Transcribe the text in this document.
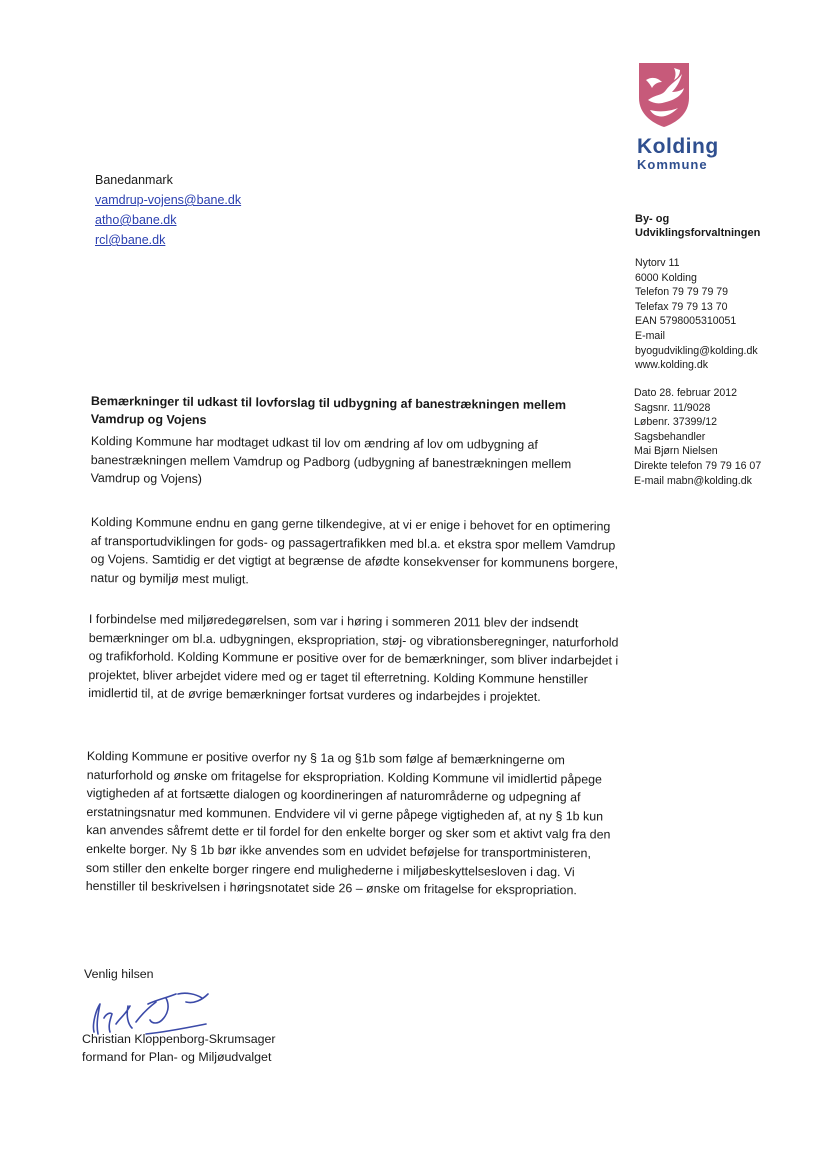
Kolding
Kommune
Banedanmark
vamdrup-vojens@bane.dk
atho@bane.dk
rcl@bane.dk
By- og
Udviklingsforvaltningen
Nytorv 11
6000 Kolding
Telefon 79 79 79 79
Telefax 79 79 13 70
EAN 5798005310051
E-mail
byogudvikling@kolding.dk
www.kolding.dk
Dato 28. februar 2012
Sagsnr. 11/9028
Løbenr. 37399/12
Sagsbehandler
Mai Bjørn Nielsen
Direkte telefon 79 79 16 07
E-mail mabn@kolding.dk
Bemærkninger til udkast til lovforslag til udbygning af banestrækningen mellem Vamdrup og Vojens
Kolding Kommune har modtaget udkast til lov om ændring af lov om udbygning af banestrækningen mellem Vamdrup og Padborg (udbygning af banestrækningen mellem Vamdrup og Vojens)
Kolding Kommune endnu en gang gerne tilkendegive, at vi er enige i behovet for en optimering af transportudviklingen for gods- og passagertrafikken med bl.a. et ekstra spor mellem Vamdrup og Vojens. Samtidig er det vigtigt at begrænse de afødte konsekvenser for kommunens borgere, natur og bymiljø mest muligt.
I forbindelse med miljøredegørelsen, som var i høring i sommeren 2011 blev der indsendt bemærkninger om bl.a. udbygningen, ekspropriation, støj- og vibrationsberegninger, naturforhold og trafikforhold. Kolding Kommune er positive over for de bemærkninger, som bliver indarbejdet i projektet, bliver arbejdet videre med og er taget til efterretning. Kolding Kommune henstiller imidlertid til, at de øvrige bemærkninger fortsat vurderes og indarbejdes i projektet.
Kolding Kommune er positive overfor ny § 1a og §1b som følge af bemærkningerne om naturforhold og ønske om fritagelse for ekspropriation. Kolding Kommune vil imidlertid påpege vigtigheden af at fortsætte dialogen og koordineringen af naturområderne og udpegning af erstatningsnatur med kommunen. Endvidere vil vi gerne påpege vigtigheden af, at ny § 1b kun kan anvendes såfremt dette er til fordel for den enkelte borger og sker som et aktivt valg fra den enkelte borger. Ny § 1b bør ikke anvendes som en udvidet beføjelse for transportministeren, som stiller den enkelte borger ringere end mulighederne i miljøbeskyttelsesloven i dag. Vi henstiller til beskrivelsen i høringsnotatet side 26 – ønske om fritagelse for ekspropriation.
Venlig hilsen
Christian Kloppenborg-Skrumsager
formand for Plan- og Miljøudvalget
